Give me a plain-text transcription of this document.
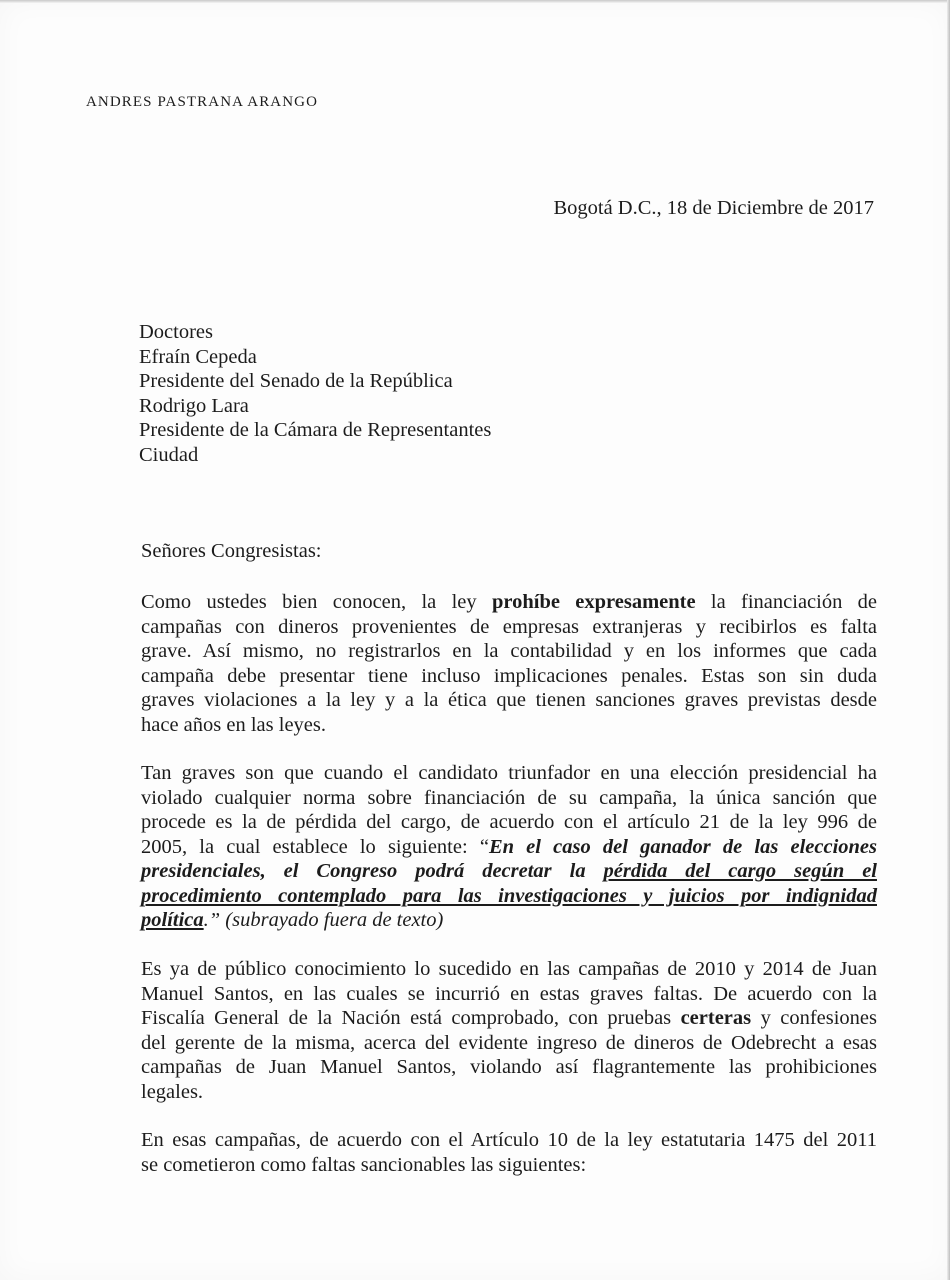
ANDRES PASTRANA ARANGO
Bogotá D.C., 18 de Diciembre de 2017
Doctores
Efraín Cepeda
Presidente del Senado de la República
Rodrigo Lara
Presidente de la Cámara de Representantes
Ciudad
Señores Congresistas:
Como ustedes bien conocen, la ley prohíbe expresamente la financiación de
campañas con dineros provenientes de empresas extranjeras y recibirlos es falta
grave. Así mismo, no registrarlos en la contabilidad y en los informes que cada
campaña debe presentar tiene incluso implicaciones penales. Estas son sin duda
graves violaciones a la ley y a la ética que tienen sanciones graves previstas desde
hace años en las leyes.
Tan graves son que cuando el candidato triunfador en una elección presidencial ha
violado cualquier norma sobre financiación de su campaña, la única sanción que
procede es la de pérdida del cargo, de acuerdo con el artículo 21 de la ley 996 de
2005, la cual establece lo siguiente: “En el caso del ganador de las elecciones
presidenciales, el Congreso podrá decretar la pérdida del cargo según el
procedimiento contemplado para las investigaciones y juicios por indignidad
política.” (subrayado fuera de texto)
Es ya de público conocimiento lo sucedido en las campañas de 2010 y 2014 de Juan
Manuel Santos, en las cuales se incurrió en estas graves faltas. De acuerdo con la
Fiscalía General de la Nación está comprobado, con pruebas certeras y confesiones
del gerente de la misma, acerca del evidente ingreso de dineros de Odebrecht a esas
campañas de Juan Manuel Santos, violando así flagrantemente las prohibiciones
legales.
En esas campañas, de acuerdo con el Artículo 10 de la ley estatutaria 1475 del 2011
se cometieron como faltas sancionables las siguientes:
